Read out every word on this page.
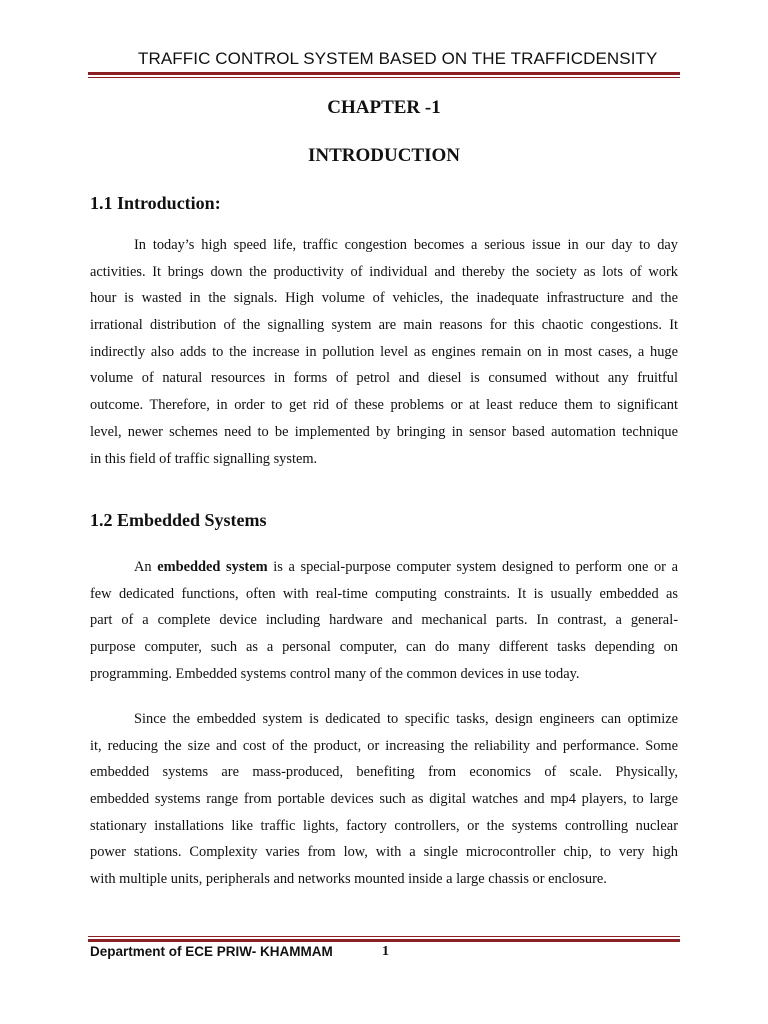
TRAFFIC CONTROL SYSTEM BASED ON THE TRAFFICDENSITY
CHAPTER -1
INTRODUCTION
1.1 Introduction:
In today’s high speed life, traffic congestion becomes a serious issue in our day to day
activities. It brings down the productivity of individual and thereby the society as lots of work
hour is wasted in the signals. High volume of vehicles, the inadequate infrastructure and the
irrational distribution of the signalling system are main reasons for this chaotic congestions. It
indirectly also adds to the increase in pollution level as engines remain on in most cases, a huge
volume of natural resources in forms of petrol and diesel is consumed without any fruitful
outcome. Therefore, in order to get rid of these problems or at least reduce them to significant
level, newer schemes need to be implemented by bringing in sensor based automation technique
in this field of traffic signalling system.
1.2 Embedded Systems
An embedded system is a special-purpose computer system designed to perform one or a
few dedicated functions, often with real-time computing constraints. It is usually embedded as
part of a complete device including hardware and mechanical parts. In contrast, a general-
purpose computer, such as a personal computer, can do many different tasks depending on
programming. Embedded systems control many of the common devices in use today.
Since the embedded system is dedicated to specific tasks, design engineers can optimize
it, reducing the size and cost of the product, or increasing the reliability and performance. Some
embedded systems are mass-produced, benefiting from economics of scale. Physically,
embedded systems range from portable devices such as digital watches and mp4 players, to large
stationary installations like traffic lights, factory controllers, or the systems controlling nuclear
power stations. Complexity varies from low, with a single microcontroller chip, to very high
with multiple units, peripherals and networks mounted inside a large chassis or enclosure.
Department of ECE PRIW- KHAMMAM	1
